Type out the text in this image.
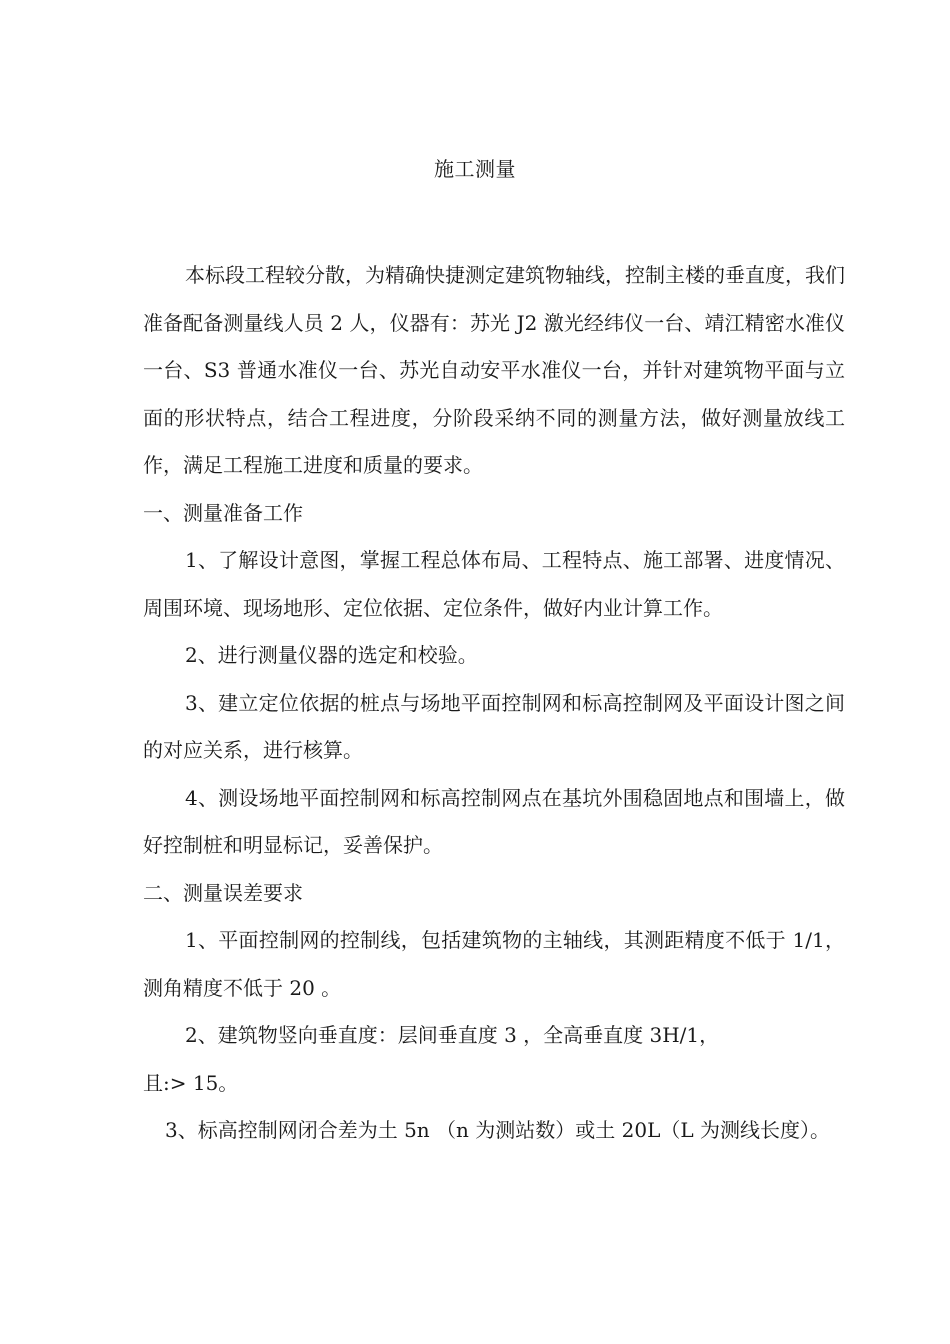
施工测量

本标段工程较分散，为精确快捷测定建筑物轴线，控制主楼的垂直度，我们准备配备测量线人员 2 人，仪器有：苏光 J2 激光经纬仪一台、靖江精密水准仪一台、S3 普通水准仪一台、苏光自动安平水准仪一台，并针对建筑物平面与立面的形状特点，结合工程进度，分阶段采纳不同的测量方法，做好测量放线工作，满足工程施工进度和质量的要求。

一、测量准备工作

1、了解设计意图，掌握工程总体布局、工程特点、施工部署、进度情况、周围环境、现场地形、定位依据、定位条件，做好内业计算工作。

2、进行测量仪器的选定和校验。

3、建立定位依据的桩点与场地平面控制网和标高控制网及平面设计图之间的对应关系，进行核算。

4、测设场地平面控制网和标高控制网点在基坑外围稳固地点和围墙上，做好控制桩和明显标记，妥善保护。

二、测量误差要求

1、平面控制网的控制线，包括建筑物的主轴线，其测距精度不低于 1/1，测角精度不低于 20 。

2、建筑物竖向垂直度：层间垂直度 3 ，全高垂直度 3H/1，

且:> 15。

3、标高控制网闭合差为土 5n （n 为测站数）或土 20L（L 为测线长度）。
